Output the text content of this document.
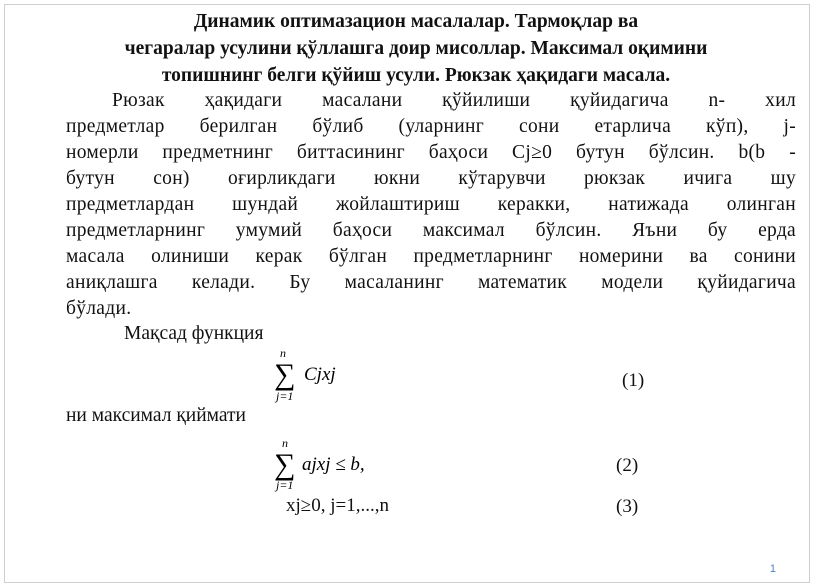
Динамик оптимазацион масалалар. Тармоқлар ва
чегаралар усулини қўллашга доир мисоллар. Максимал оқимини
топишнинг белги қўйиш усули. Рюкзак ҳақидаги масала.
Рюзак ҳақидаги масалани қўйилиши қуйидагича n- хил
предметлар берилган бўлиб (уларнинг сони етарлича кўп), j-
номерли предметнинг биттасининг баҳоси Cj≥0 бутун бўлсин. b(b -
бутун сон) оғирликдаги юкни кўтарувчи рюкзак ичига шу
предметлардан шундай жойлаштириш керакки, натижада олинган
предметларнинг умумий баҳоси максимал бўлсин. Яъни бу ерда
масала олиниши керак бўлган предметларнинг номерини ва сонини
аниқлашга келади. Бу масаланинг математик модели қуйидагича
бўлади.
Мақсад функция
n
∑
j=1
Cjxj	(1)
ни максимал қиймати
n
∑
j=1
ajxj ≤ b,	(2)
xj≥0, j=1,...,n	(3)
1
